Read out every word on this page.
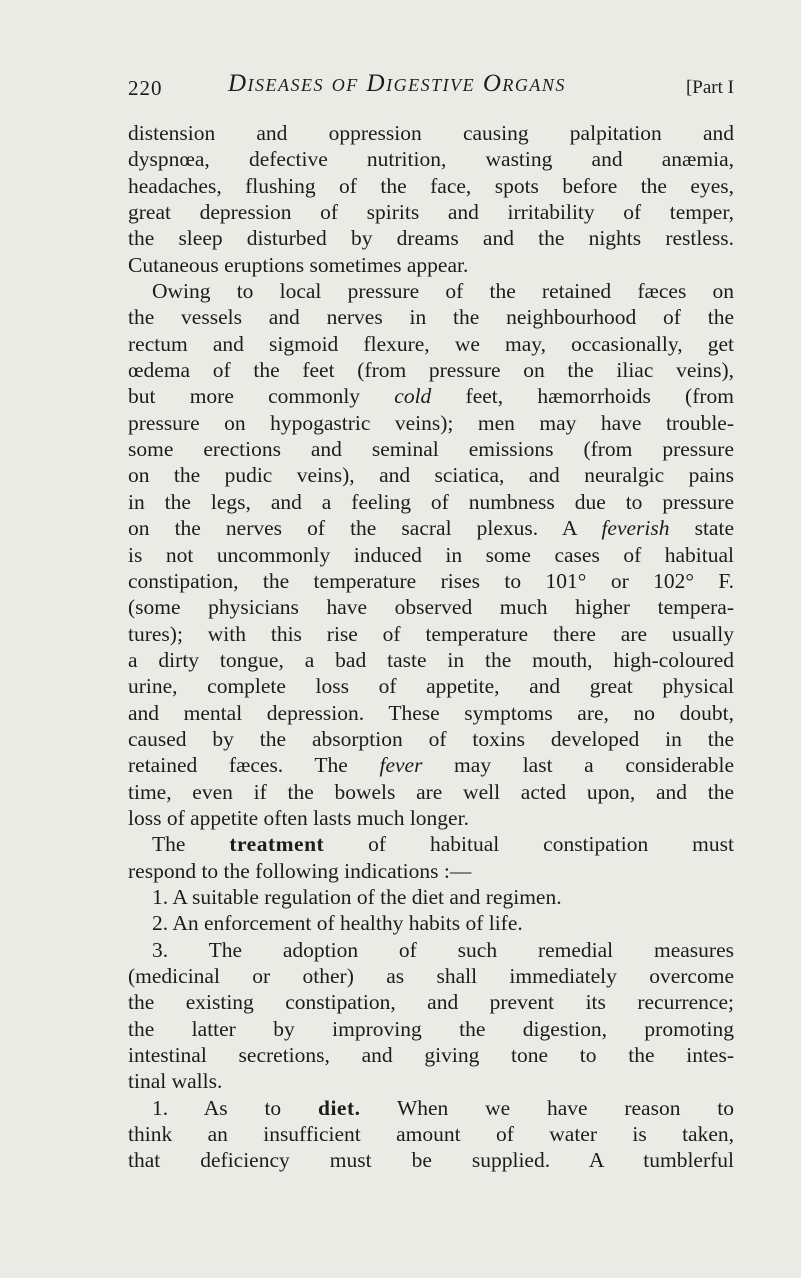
220	Diseases of Digestive Organs	[Part I
distension and oppression causing palpitation and
dyspnœa, defective nutrition, wasting and anæmia,
headaches, flushing of the face, spots before the eyes,
great depression of spirits and irritability of temper,
the sleep disturbed by dreams and the nights restless.
Cutaneous eruptions sometimes appear.
Owing to local pressure of the retained fæces on
the vessels and nerves in the neighbourhood of the
rectum and sigmoid flexure, we may, occasionally, get
œdema of the feet (from pressure on the iliac veins),
but more commonly cold feet, hæmorrhoids (from
pressure on hypogastric veins); men may have trouble-
some erections and seminal emissions (from pressure
on the pudic veins), and sciatica, and neuralgic pains
in the legs, and a feeling of numbness due to pressure
on the nerves of the sacral plexus. A feverish state
is not uncommonly induced in some cases of habitual
constipation, the temperature rises to 101° or 102° F.
(some physicians have observed much higher tempera-
tures); with this rise of temperature there are usually
a dirty tongue, a bad taste in the mouth, high-coloured
urine, complete loss of appetite, and great physical
and mental depression. These symptoms are, no doubt,
caused by the absorption of toxins developed in the
retained fæces. The fever may last a considerable
time, even if the bowels are well acted upon, and the
loss of appetite often lasts much longer.
The treatment of habitual constipation must
respond to the following indications :—
1. A suitable regulation of the diet and regimen.
2. An enforcement of healthy habits of life.
3. The adoption of such remedial measures
(medicinal or other) as shall immediately overcome
the existing constipation, and prevent its recurrence;
the latter by improving the digestion, promoting
intestinal secretions, and giving tone to the intes-
tinal walls.
1. As to diet. When we have reason to
think an insufficient amount of water is taken,
that deficiency must be supplied. A tumblerful
